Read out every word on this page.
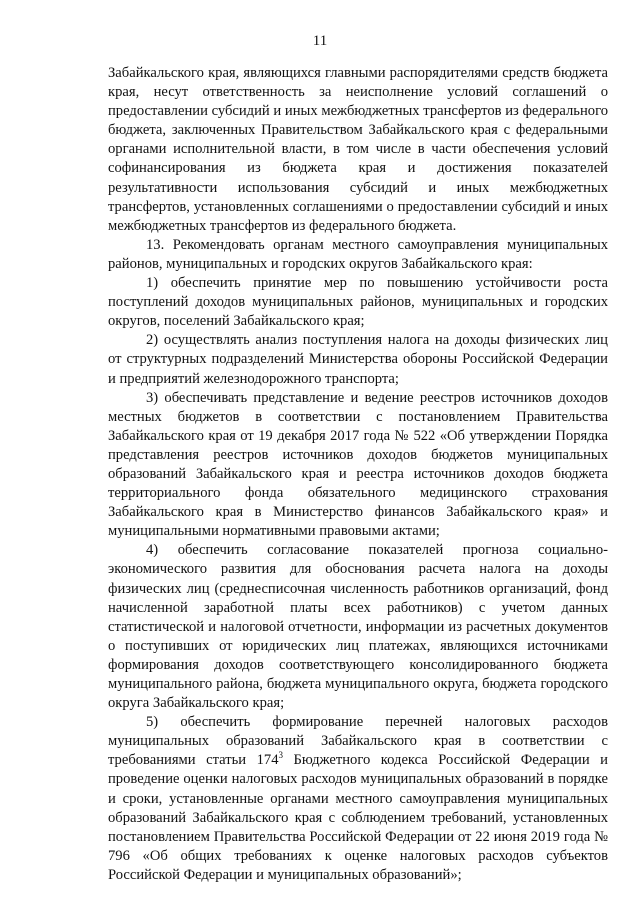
11

Забайкальского края, являющихся главными распорядителями средств бюджета края, несут ответственность за неисполнение условий соглашений о предоставлении субсидий и иных межбюджетных трансфертов из федерального бюджета, заключенных Правительством Забайкальского края с федеральными органами исполнительной власти, в том числе в части обеспечения условий софинансирования из бюджета края и достижения показателей результативности использования субсидий и иных межбюджетных трансфертов, установленных соглашениями о предоставлении субсидий и иных межбюджетных трансфертов из федерального бюджета.

13. Рекомендовать органам местного самоуправления муниципальных районов, муниципальных и городских округов Забайкальского края:

1) обеспечить принятие мер по повышению устойчивости роста поступлений доходов муниципальных районов, муниципальных и городских округов, поселений Забайкальского края;

2) осуществлять анализ поступления налога на доходы физических лиц от структурных подразделений Министерства обороны Российской Федерации и предприятий железнодорожного транспорта;

3) обеспечивать представление и ведение реестров источников доходов местных бюджетов в соответствии с постановлением Правительства Забайкальского края от 19 декабря 2017 года № 522 «Об утверждении Порядка представления реестров источников доходов бюджетов муниципальных образований Забайкальского края и реестра источников доходов бюджета территориального фонда обязательного медицинского страхования Забайкальского края в Министерство финансов Забайкальского края» и муниципальными нормативными правовыми актами;

4) обеспечить согласование показателей прогноза социально-экономического развития для обоснования расчета налога на доходы физических лиц (среднесписочная численность работников организаций, фонд начисленной заработной платы всех работников) с учетом данных статистической и налоговой отчетности, информации из расчетных документов о поступивших от юридических лиц платежах, являющихся источниками формирования доходов соответствующего консолидированного бюджета муниципального района, бюджета муниципального округа, бюджета городского округа Забайкальского края;

5) обеспечить формирование перечней налоговых расходов муниципальных образований Забайкальского края в соответствии с требованиями статьи $174^3$ Бюджетного кодекса Российской Федерации и проведение оценки налоговых расходов муниципальных образований в порядке и сроки, установленные органами местного самоуправления муниципальных образований Забайкальского края с соблюдением требований, установленных постановлением Правительства Российской Федерации от 22 июня 2019 года № 796 «Об общих требованиях к оценке налоговых расходов субъектов Российской Федерации и муниципальных образований»;
